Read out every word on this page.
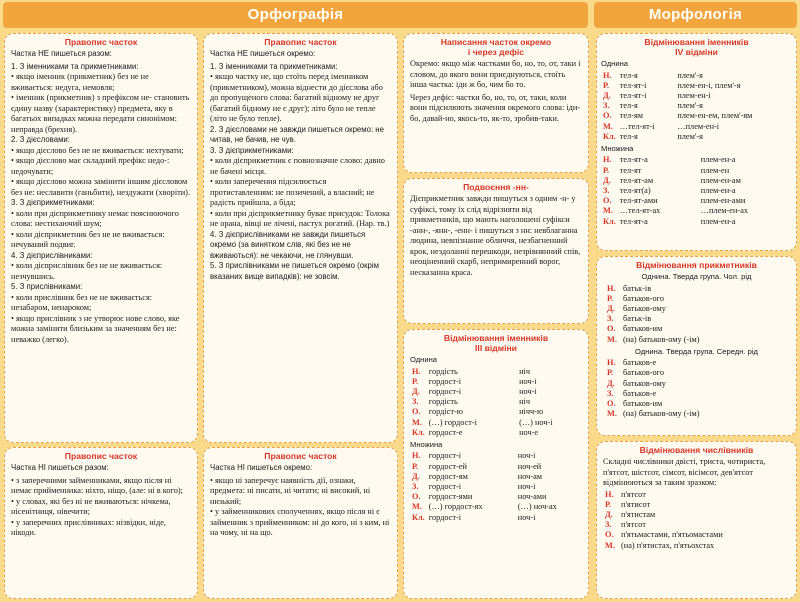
Орфографія	Морфологія
Правопис часток
Частка НЕ пишеться разом:
1. З іменниками та прикметниками:
• якщо іменник (прикметник) без не не вживається: недуга, немовля;
• іменник (прикметник) з префіксом не- становить єдину назву (характеристику) предмета, яку в багатьох випадках можна передати синонімом: неправда (брехня).
2. З дієсловами:
• якщо дієслово без не не вживається: нехтувати;
• якщо дієслово має складний префікс недо-: недочувати;
• якщо дієслово можна замінити іншим дієсловом без не: неславити (ганьбити), нездужати (хворіти).
3. З дієприкметниками:
• коли при дієприкметнику немає пояснюючого слова: нестихаючий шум;
• коли дієприкметник без не не вживається: нечуваний подвиг.
4. З дієприслівниками:
• коли дієприслівник без не не вживається: незчувшись.
5. З прислівниками:
• коли прислівник без не не вживається: незабаром, ненароком;
• якщо прислівник з не утворює нове слово, яке можна замінити близьким за значенням без не: неважко (легко).
Правопис часток
Частка НІ пишеться разом:
• з заперечними займенниками, якщо після ні немає прийменника: ніхто, ніщо, (але: ні в кого);
• у словах, які без ні не вживаються: нічкема, нісенітниця, нівечити;
• у заперечних прислівниках: нізвідки, ніде, нікоди.
Правопис часток
Частка НЕ пишеться окремо:
1. З іменниками та прикметниками:
• якщо частку не, що стоїть перед іменником (прикметником), можна віднести до дієслова або до пропущеного слова: багатий відному не друг (багатий бідному не є друг); літо було не тепле (літо не було тепле).
2. З дієсловами не завжди пишеться окремо: не читав, не бачив, не чув.
3. З дієприкметниками:
• коли дієприкметник є повнозначне слово: давно не бачені місця.
• коли заперечення підсилюється протиставленням: не позичений, а власний; не радість прийшла, а біда;
• коли при дієприкметнику буває присудок: Толока не орана, вівці не лічені, пастух рогатий. (Нар. тв.)
4. З дієприслівниками не завжди пишеться окремо (за винятком слів, які без не не вживаються): не чекаючи, не глянувши.
5. З прислівниками не пишеться окремо (окрім вказаних вище випадків): не зовсім.
Правопис часток
Частка НІ пишеться окремо:
• якщо ні заперечує наявність дії, ознаки, предмета: ні писати, ні читати; ні високий, ні низький;
• у займенникових сполученнях, якщо після ні є займенник з прийменником: ні до кого, ні з ким, ні на чому, ні на що.
Написання часток окремо
і через дефіс

Окремо: якщо між частками бо, но, то, от, таки і словом, до якого вони приєднуються, стоїть інша частка: іди ж бо, чим бо то.

Через дефіс: частки бо, но, то, от, таки, коли вони підсилюють значення окремого слова: іди-бо, давай-но, якось-то, як-то, зробив-таки.

Подвоєння -нн-

Дієприкметник завжди пишуться з одним -н- у суфіксі, тому їх слід відрізняти від прикметників, що мають наголошені суфікси -анн-, -янн-, -енн- і пишуться з нн: невблаганна людина, невпізнанне обличчя, незбагненний крок, нездоланні перешкоди, незрівнянний спів, неоціненний скарб, непримиренний ворог, несказанна краса.

Відмінювання іменників
ІІІ відміни
Однина
Н.	гордість	ніч
Р.	гордост-і	ноч-і
Д.	гордост-і	ноч-і
З.	гордість	ніч
О.	гордіст-ю	нічч-ю
М.	(…) гордост-і	(…) ноч-і
Кл.	гордост-е	ноч-е
Множина
Н.	гордост-і	ноч-і
Р.	гордост-ей	ноч-ей
Д.	гордост-ям	ноч-ам
З.	гордост-і	ноч-і
О.	гордост-ями	ноч-ами
М.	(…) гордост-ях	(…) ноч-ах
Кл.	гордост-і	ноч-і
Відмінювання іменників
IV відміни
Однина
Н.	тел-я	плем'-я
Р.	тел-ят-і	плем-ен-і, плем'-я
Д.	тел-ят-і	плем-ен-і
З.	тел-я	плем'-я
О.	тел-ям	плем-ен-ем, плем'-ям
М.	…тел-ят-і	…плем-ен-і
Кл.	тел-я	плем'-я
Множина
Н.	тел-ят-а	плем-ен-а
Р.	тел-ят	плем-ен
Д.	тел-ят-ам	плем-ен-ам
З.	тел-ят(а)	плем-ен-а
О.	тел-ят-ами	плем-ен-ами
М.	…тел-ят-ах	…плем-ен-ах
Кл.	тел-ят-а	плем-ен-а
Відмінювання прикметників
Однина. Тверда група. Чол. рід
Н.	батьк-ів
Р.	батьков-ого
Д.	батьков-ому
З.	батьк-ів
О.	батьков-им
М.	(на) батьков-ому (-ім)
Однина. Тверда група. Середн. рід
Н.	батьков-е
Р.	батьков-ого
Д.	батьков-ому
З.	батьков-е
О.	батьков-им
М.	(на) батьков-ому (-ім)
Відмінювання числівників

Складні числівники двісті, триста, чотириста, п'ятсот, шістсот, сімсот, вісімсот, дев'ятсот відмінюються за таким зразком:

Н.	п'ятсот
Р.	п'ятисот
Д.	п'ятистам
З.	п'ятсот
О.	п'ятьмастами, п'ятьомастами
М.	(на) п'ятистах, п'ятьохстах
